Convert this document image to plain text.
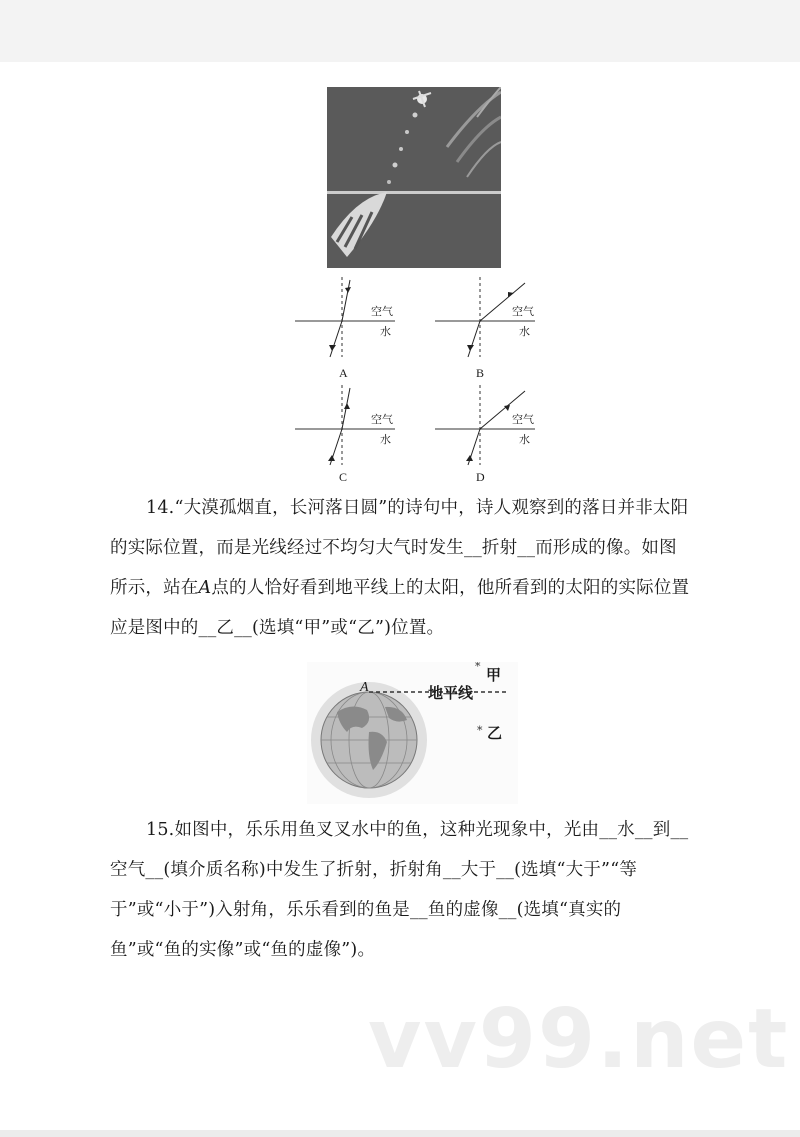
空气
水
A
空气
水
B
空气
水
C
空气
水
D

14.“大漠孤烟直，长河落日圆”的诗句中，诗人观察到的落日并非太阳的实际位置，而是光线经过不均匀大气时发生__折射__而形成的像。如图所示，站在A点的人恰好看到地平线上的太阳，他所看到的太阳的实际位置应是图中的__乙__(选填“甲”或“乙”)位置。

*
*
A	地平线
甲
乙

15.如图中，乐乐用鱼叉叉水中的鱼，这种光现象中，光由__水__到__空气__(填介质名称)中发生了折射，折射角__大于__(选填“大于”“等于”或“小于”)入射角，乐乐看到的鱼是__鱼的虚像__(选填“真实的鱼”或“鱼的实像”或“鱼的虚像”)。

vv99.net
